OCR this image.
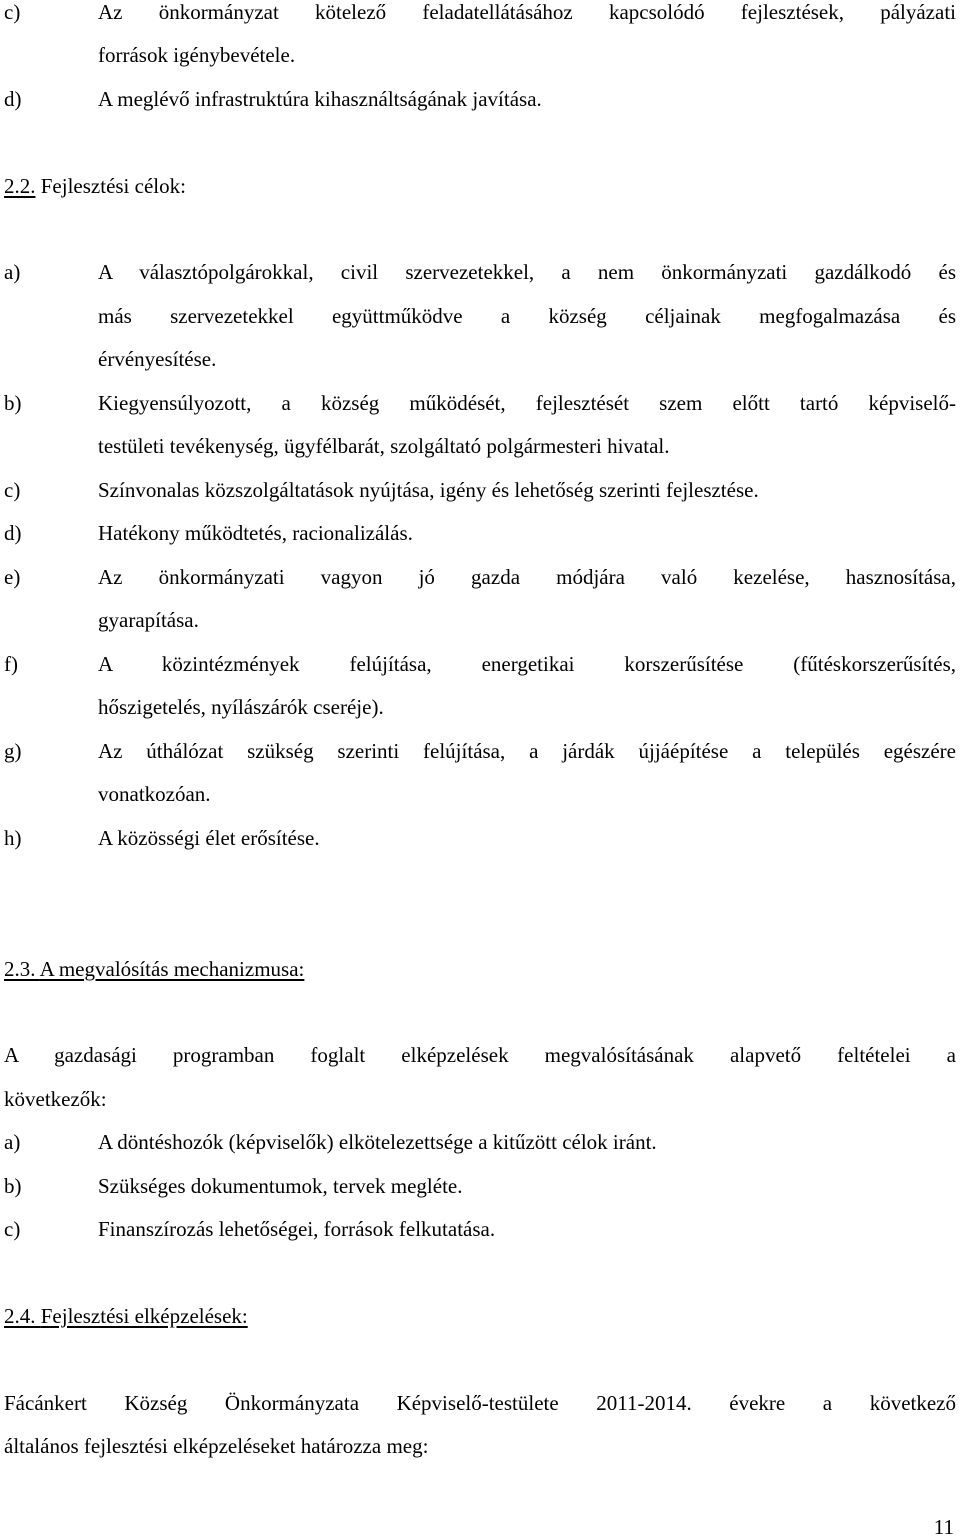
c)	Az önkormányzat kötelező feladatellátásához kapcsolódó fejlesztések, pályázati
források igénybevétele.
d)	A meglévő infrastruktúra kihasználtságának javítása.
2.2. Fejlesztési célok:
a)	A választópolgárokkal, civil szervezetekkel, a nem önkormányzati gazdálkodó és
más szervezetekkel együttműködve a község céljainak megfogalmazása és
érvényesítése.
b)	Kiegyensúlyozott, a község működését, fejlesztését szem előtt tartó képviselő-
testületi tevékenység, ügyfélbarát, szolgáltató polgármesteri hivatal.
c)	Színvonalas közszolgáltatások nyújtása, igény és lehetőség szerinti fejlesztése.
d)	Hatékony működtetés, racionalizálás.
e)	Az önkormányzati vagyon jó gazda módjára való kezelése, hasznosítása,
gyarapítása.
f)	A közintézmények felújítása, energetikai korszerűsítése (fűtéskorszerűsítés,
hőszigetelés, nyílászárók cseréje).
g)	Az úthálózat szükség szerinti felújítása, a járdák újjáépítése a település egészére
vonatkozóan.
h)	A közösségi élet erősítése.
2.3. A megvalósítás mechanizmusa:
A gazdasági programban foglalt elképzelések megvalósításának alapvető feltételei a
következők:
a)	A döntéshozók (képviselők) elkötelezettsége a kitűzött célok iránt.
b)	Szükséges dokumentumok, tervek megléte.
c)	Finanszírozás lehetőségei, források felkutatása.
2.4. Fejlesztési elképzelések:
Fácánkert Község Önkormányzata Képviselő-testülete 2011-2014. évekre a következő
általános fejlesztési elképzeléseket határozza meg:
11
